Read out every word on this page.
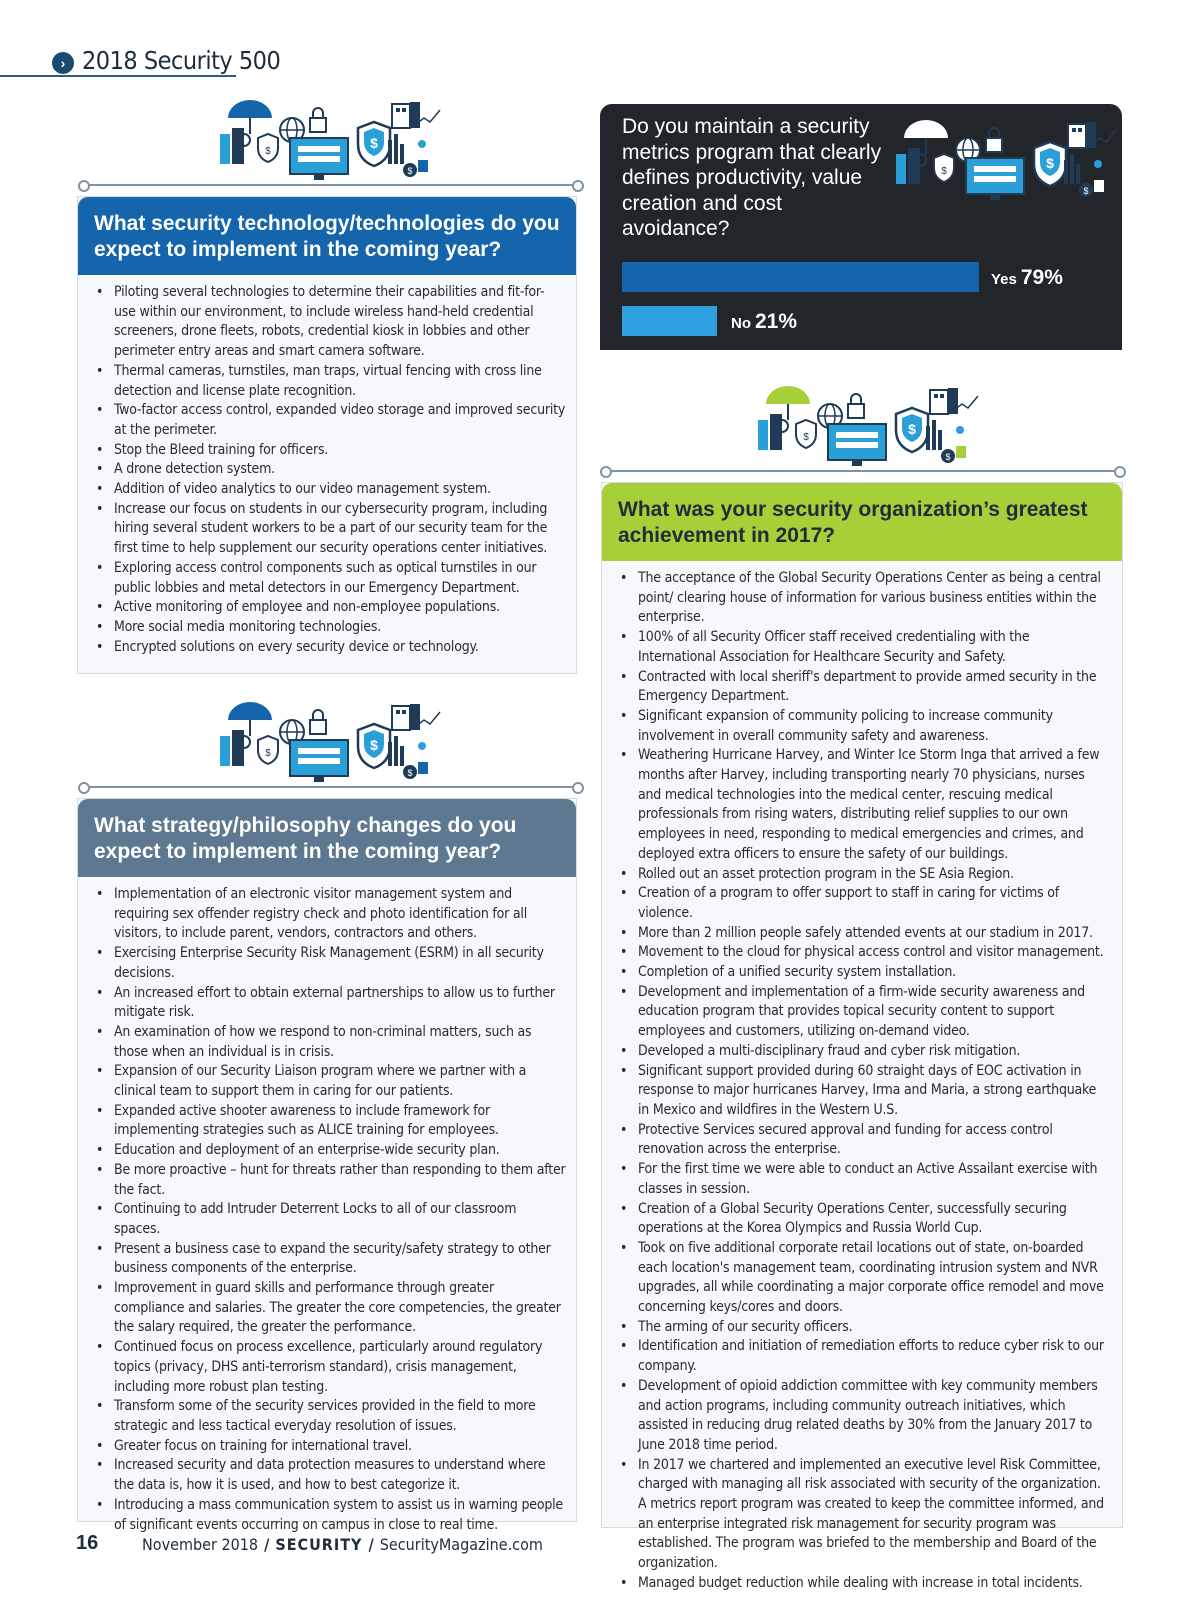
› 2018 Security 500
What security technology/technologies do you expect to implement in the coming year?
• Piloting several technologies to determine their capabilities and fit-for-use within our environment, to include wireless hand-held credential screeners, drone fleets, robots, credential kiosk in lobbies and other perimeter entry areas and smart camera software.
• Thermal cameras, turnstiles, man traps, virtual fencing with cross line detection and license plate recognition.
• Two-factor access control, expanded video storage and improved security at the perimeter.
• Stop the Bleed training for officers.
• A drone detection system.
• Addition of video analytics to our video management system.
• Increase our focus on students in our cybersecurity program, including hiring several student workers to be a part of our security team for the first time to help supplement our security operations center initiatives.
• Exploring access control components such as optical turnstiles in our public lobbies and metal detectors in our Emergency Department.
• Active monitoring of employee and non-employee populations.
• More social media monitoring technologies.
• Encrypted solutions on every security device or technology.
What strategy/philosophy changes do you expect to implement in the coming year?
• Implementation of an electronic visitor management system and requiring sex offender registry check and photo identification for all visitors, to include parent, vendors, contractors and others.
• Exercising Enterprise Security Risk Management (ESRM) in all security decisions.
• An increased effort to obtain external partnerships to allow us to further mitigate risk.
• An examination of how we respond to non-criminal matters, such as those when an individual is in crisis.
• Expansion of our Security Liaison program where we partner with a clinical team to support them in caring for our patients.
• Expanded active shooter awareness to include framework for implementing strategies such as ALICE training for employees.
• Education and deployment of an enterprise-wide security plan.
• Be more proactive – hunt for threats rather than responding to them after the fact.
• Continuing to add Intruder Deterrent Locks to all of our classroom spaces.
• Present a business case to expand the security/safety strategy to other business components of the enterprise.
• Improvement in guard skills and performance through greater compliance and salaries. The greater the core competencies, the greater the salary required, the greater the performance.
• Continued focus on process excellence, particularly around regulatory topics (privacy, DHS anti-terrorism standard), crisis management, including more robust plan testing.
• Transform some of the security services provided in the field to more strategic and less tactical everyday resolution of issues.
• Greater focus on training for international travel.
• Increased security and data protection measures to understand where the data is, how it is used, and how to best categorize it.
• Introducing a mass communication system to assist us in warning people of significant events occurring on campus in close to real time.
Do you maintain a security metrics program that clearly defines productivity, value creation and cost avoidance?
Yes 79%
No 21%
What was your security organization’s greatest achievement in 2017?
• The acceptance of the Global Security Operations Center as being a central point/ clearing house of information for various business entities within the enterprise.
• 100% of all Security Officer staff received credentialing with the International Association for Healthcare Security and Safety.
• Contracted with local sheriff's department to provide armed security in the Emergency Department.
• Significant expansion of community policing to increase community involvement in overall community safety and awareness.
• Weathering Hurricane Harvey, and Winter Ice Storm Inga that arrived a few months after Harvey, including transporting nearly 70 physicians, nurses and medical technologies into the medical center, rescuing medical professionals from rising waters, distributing relief supplies to our own employees in need, responding to medical emergencies and crimes, and deployed extra officers to ensure the safety of our buildings.
• Rolled out an asset protection program in the SE Asia Region.
• Creation of a program to offer support to staff in caring for victims of violence.
• More than 2 million people safely attended events at our stadium in 2017.
• Movement to the cloud for physical access control and visitor management.
• Completion of a unified security system installation.
• Development and implementation of a firm-wide security awareness and education program that provides topical security content to support employees and customers, utilizing on-demand video.
• Developed a multi-disciplinary fraud and cyber risk mitigation.
• Significant support provided during 60 straight days of EOC activation in response to major hurricanes Harvey, Irma and Maria, a strong earthquake in Mexico and wildfires in the Western U.S.
• Protective Services secured approval and funding for access control renovation across the enterprise.
• For the first time we were able to conduct an Active Assailant exercise with classes in session.
• Creation of a Global Security Operations Center, successfully securing operations at the Korea Olympics and Russia World Cup.
• Took on five additional corporate retail locations out of state, on-boarded each location's management team, coordinating intrusion system and NVR upgrades, all while coordinating a major corporate office remodel and move concerning keys/cores and doors.
• The arming of our security officers.
• Identification and initiation of remediation efforts to reduce cyber risk to our company.
• Development of opioid addiction committee with key community members and action programs, including community outreach initiatives, which assisted in reducing drug related deaths by 30% from the January 2017 to June 2018 time period.
• In 2017 we chartered and implemented an executive level Risk Committee, charged with managing all risk associated with security of the organization. A metrics report program was created to keep the committee informed, and an enterprise integrated risk management for security program was established. The program was briefed to the membership and Board of the organization.
• Managed budget reduction while dealing with increase in total incidents.
16	November 2018 / SECURITY / SecurityMagazine.com
